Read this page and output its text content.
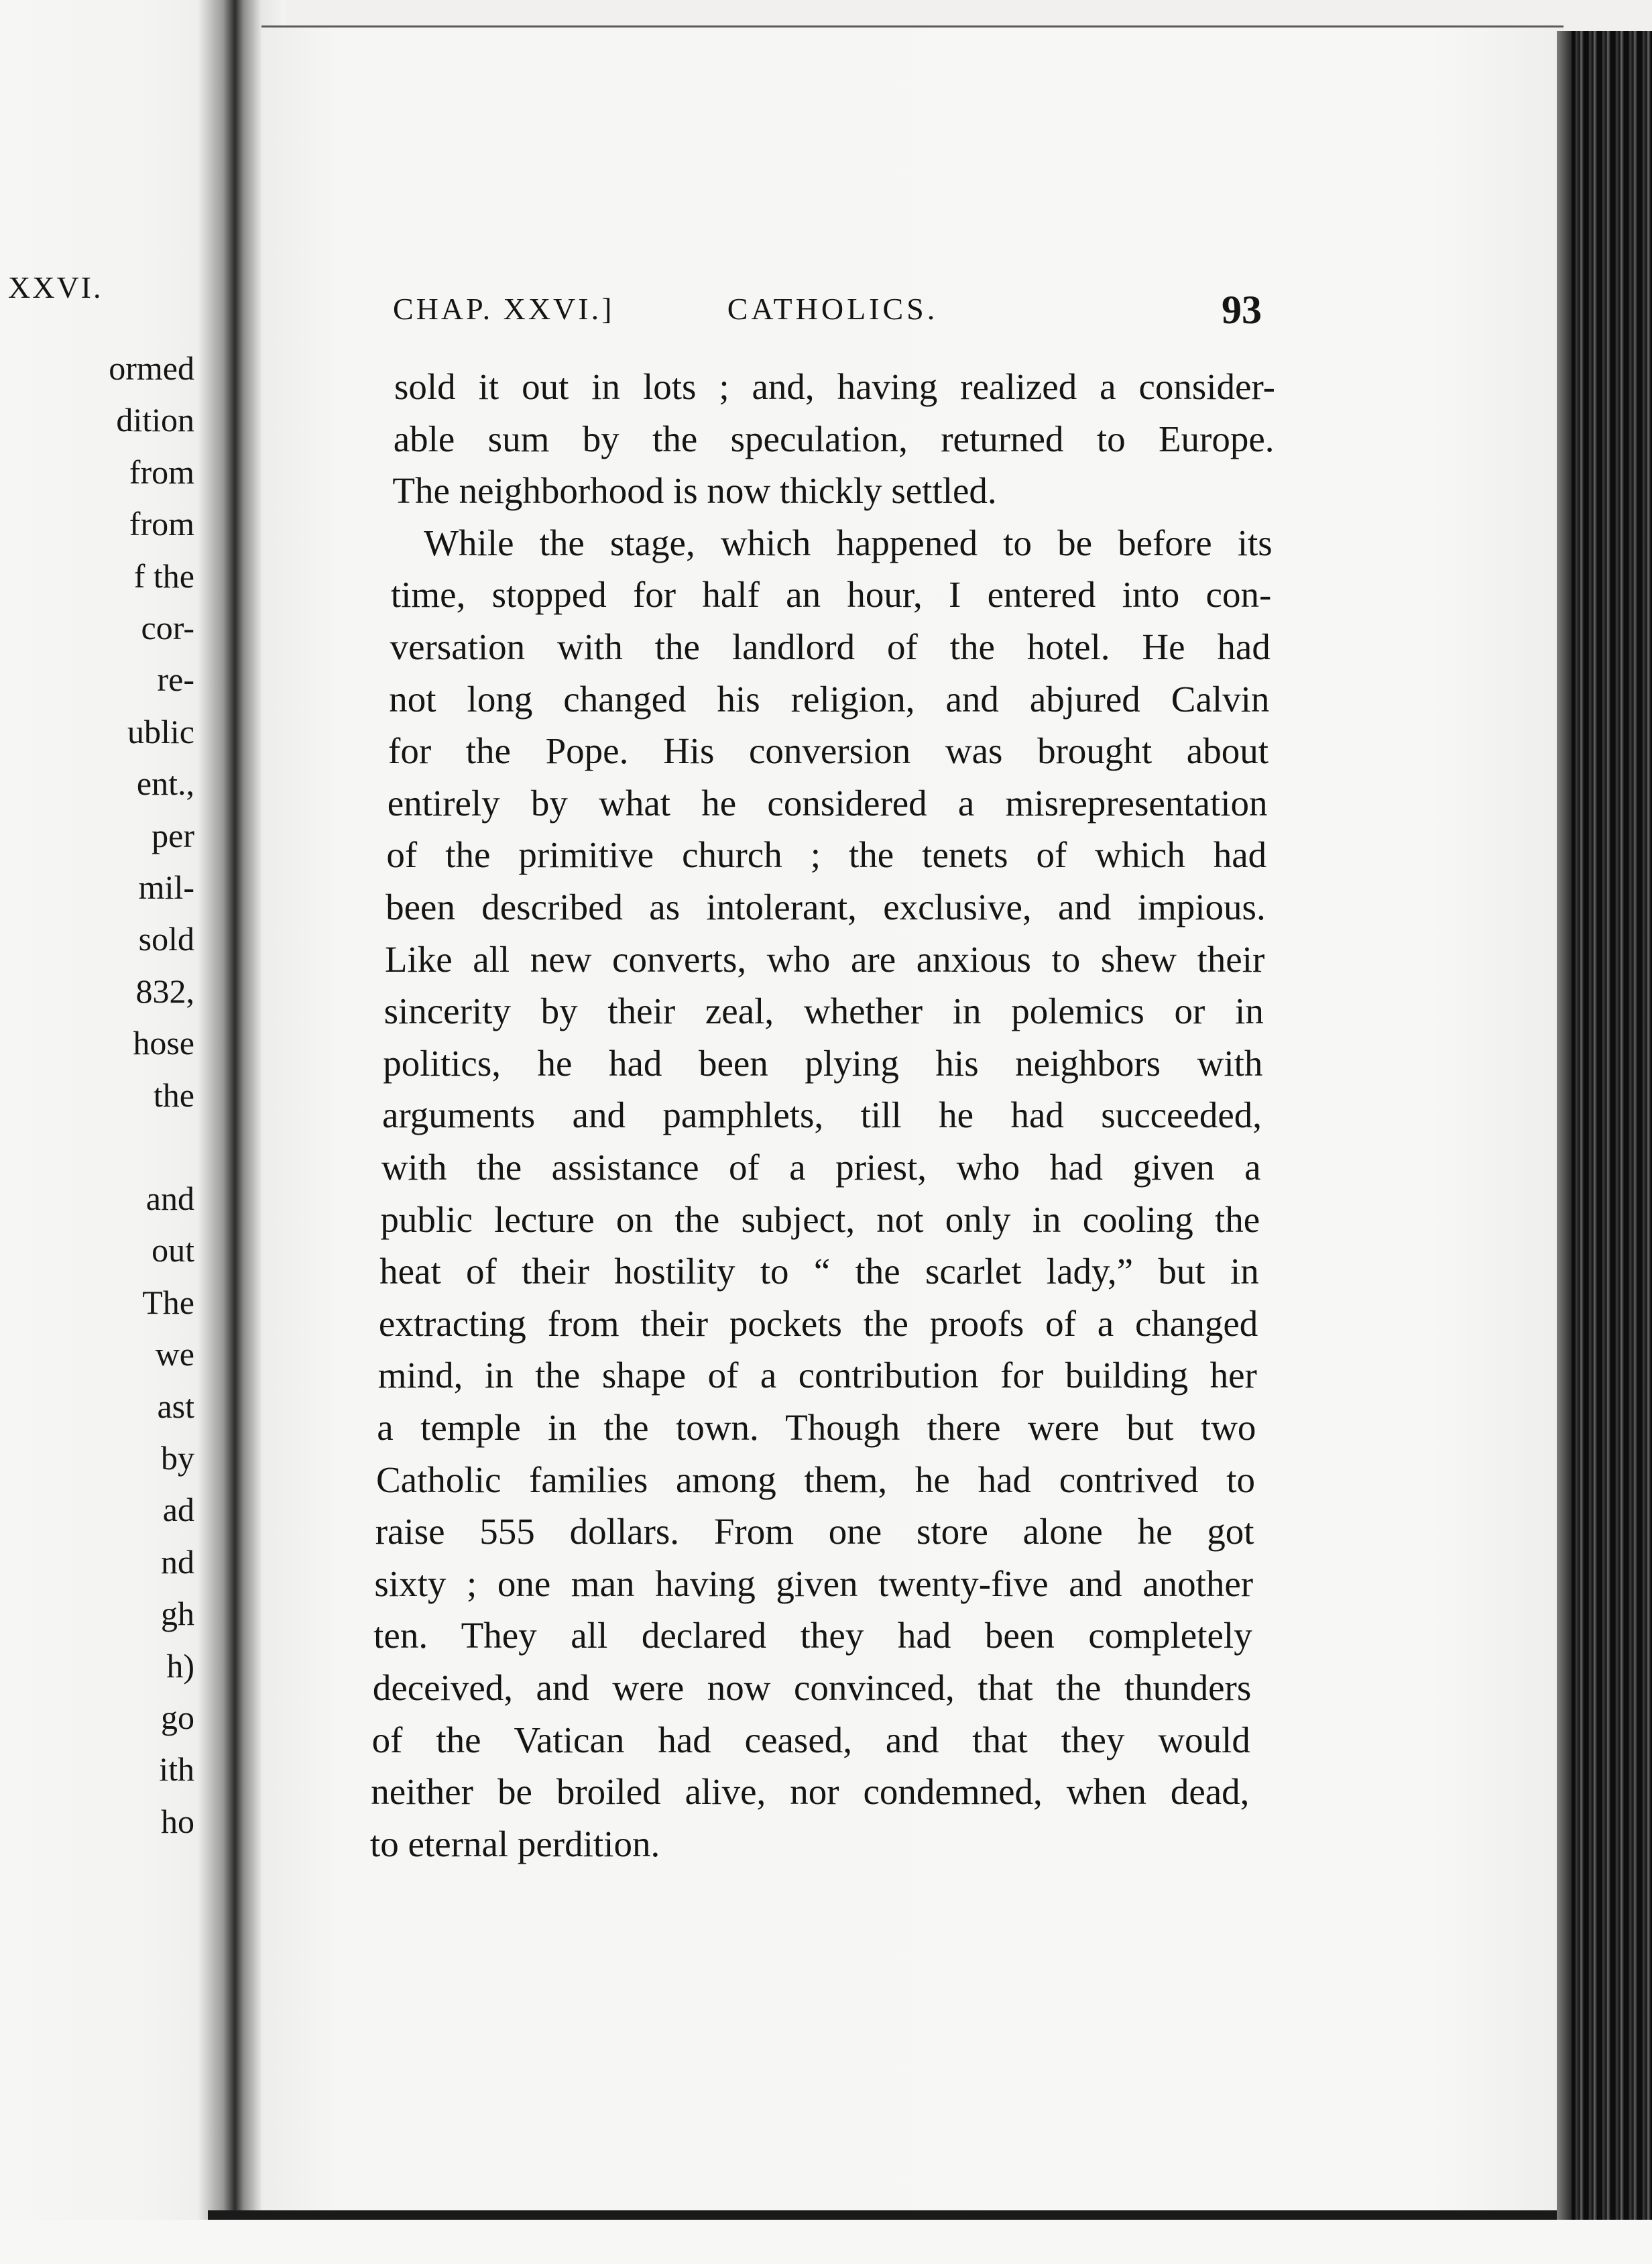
XXVI.
ormed
dition
from
from
f the
cor-
re-
ublic
ent.,
per
mil-
sold
832,
hose
the
and
out
The
we
ast
by
ad
nd
gh
h)
go
ith
ho
CHAP. XXVI.]	CATHOLICS.	93
sold it out in lots ; and, having realized a consider-
able sum by the speculation, returned to Europe.
The neighborhood is now thickly settled.
While the stage, which happened to be before its
time, stopped for half an hour, I entered into con-
versation with the landlord of the hotel. He had
not long changed his religion, and abjured Calvin
for the Pope. His conversion was brought about
entirely by what he considered a misrepresentation
of the primitive church ; the tenets of which had
been described as intolerant, exclusive, and impious.
Like all new converts, who are anxious to shew their
sincerity by their zeal, whether in polemics or in
politics, he had been plying his neighbors with
arguments and pamphlets, till he had succeeded,
with the assistance of a priest, who had given a
public lecture on the subject, not only in cooling the
heat of their hostility to “ the scarlet lady,” but in
extracting from their pockets the proofs of a changed
mind, in the shape of a contribution for building her
a temple in the town. Though there were but two
Catholic families among them, he had contrived to
raise 555 dollars. From one store alone he got
sixty ; one man having given twenty-five and another
ten. They all declared they had been completely
deceived, and were now convinced, that the thunders
of the Vatican had ceased, and that they would
neither be broiled alive, nor condemned, when dead,
to eternal perdition.
